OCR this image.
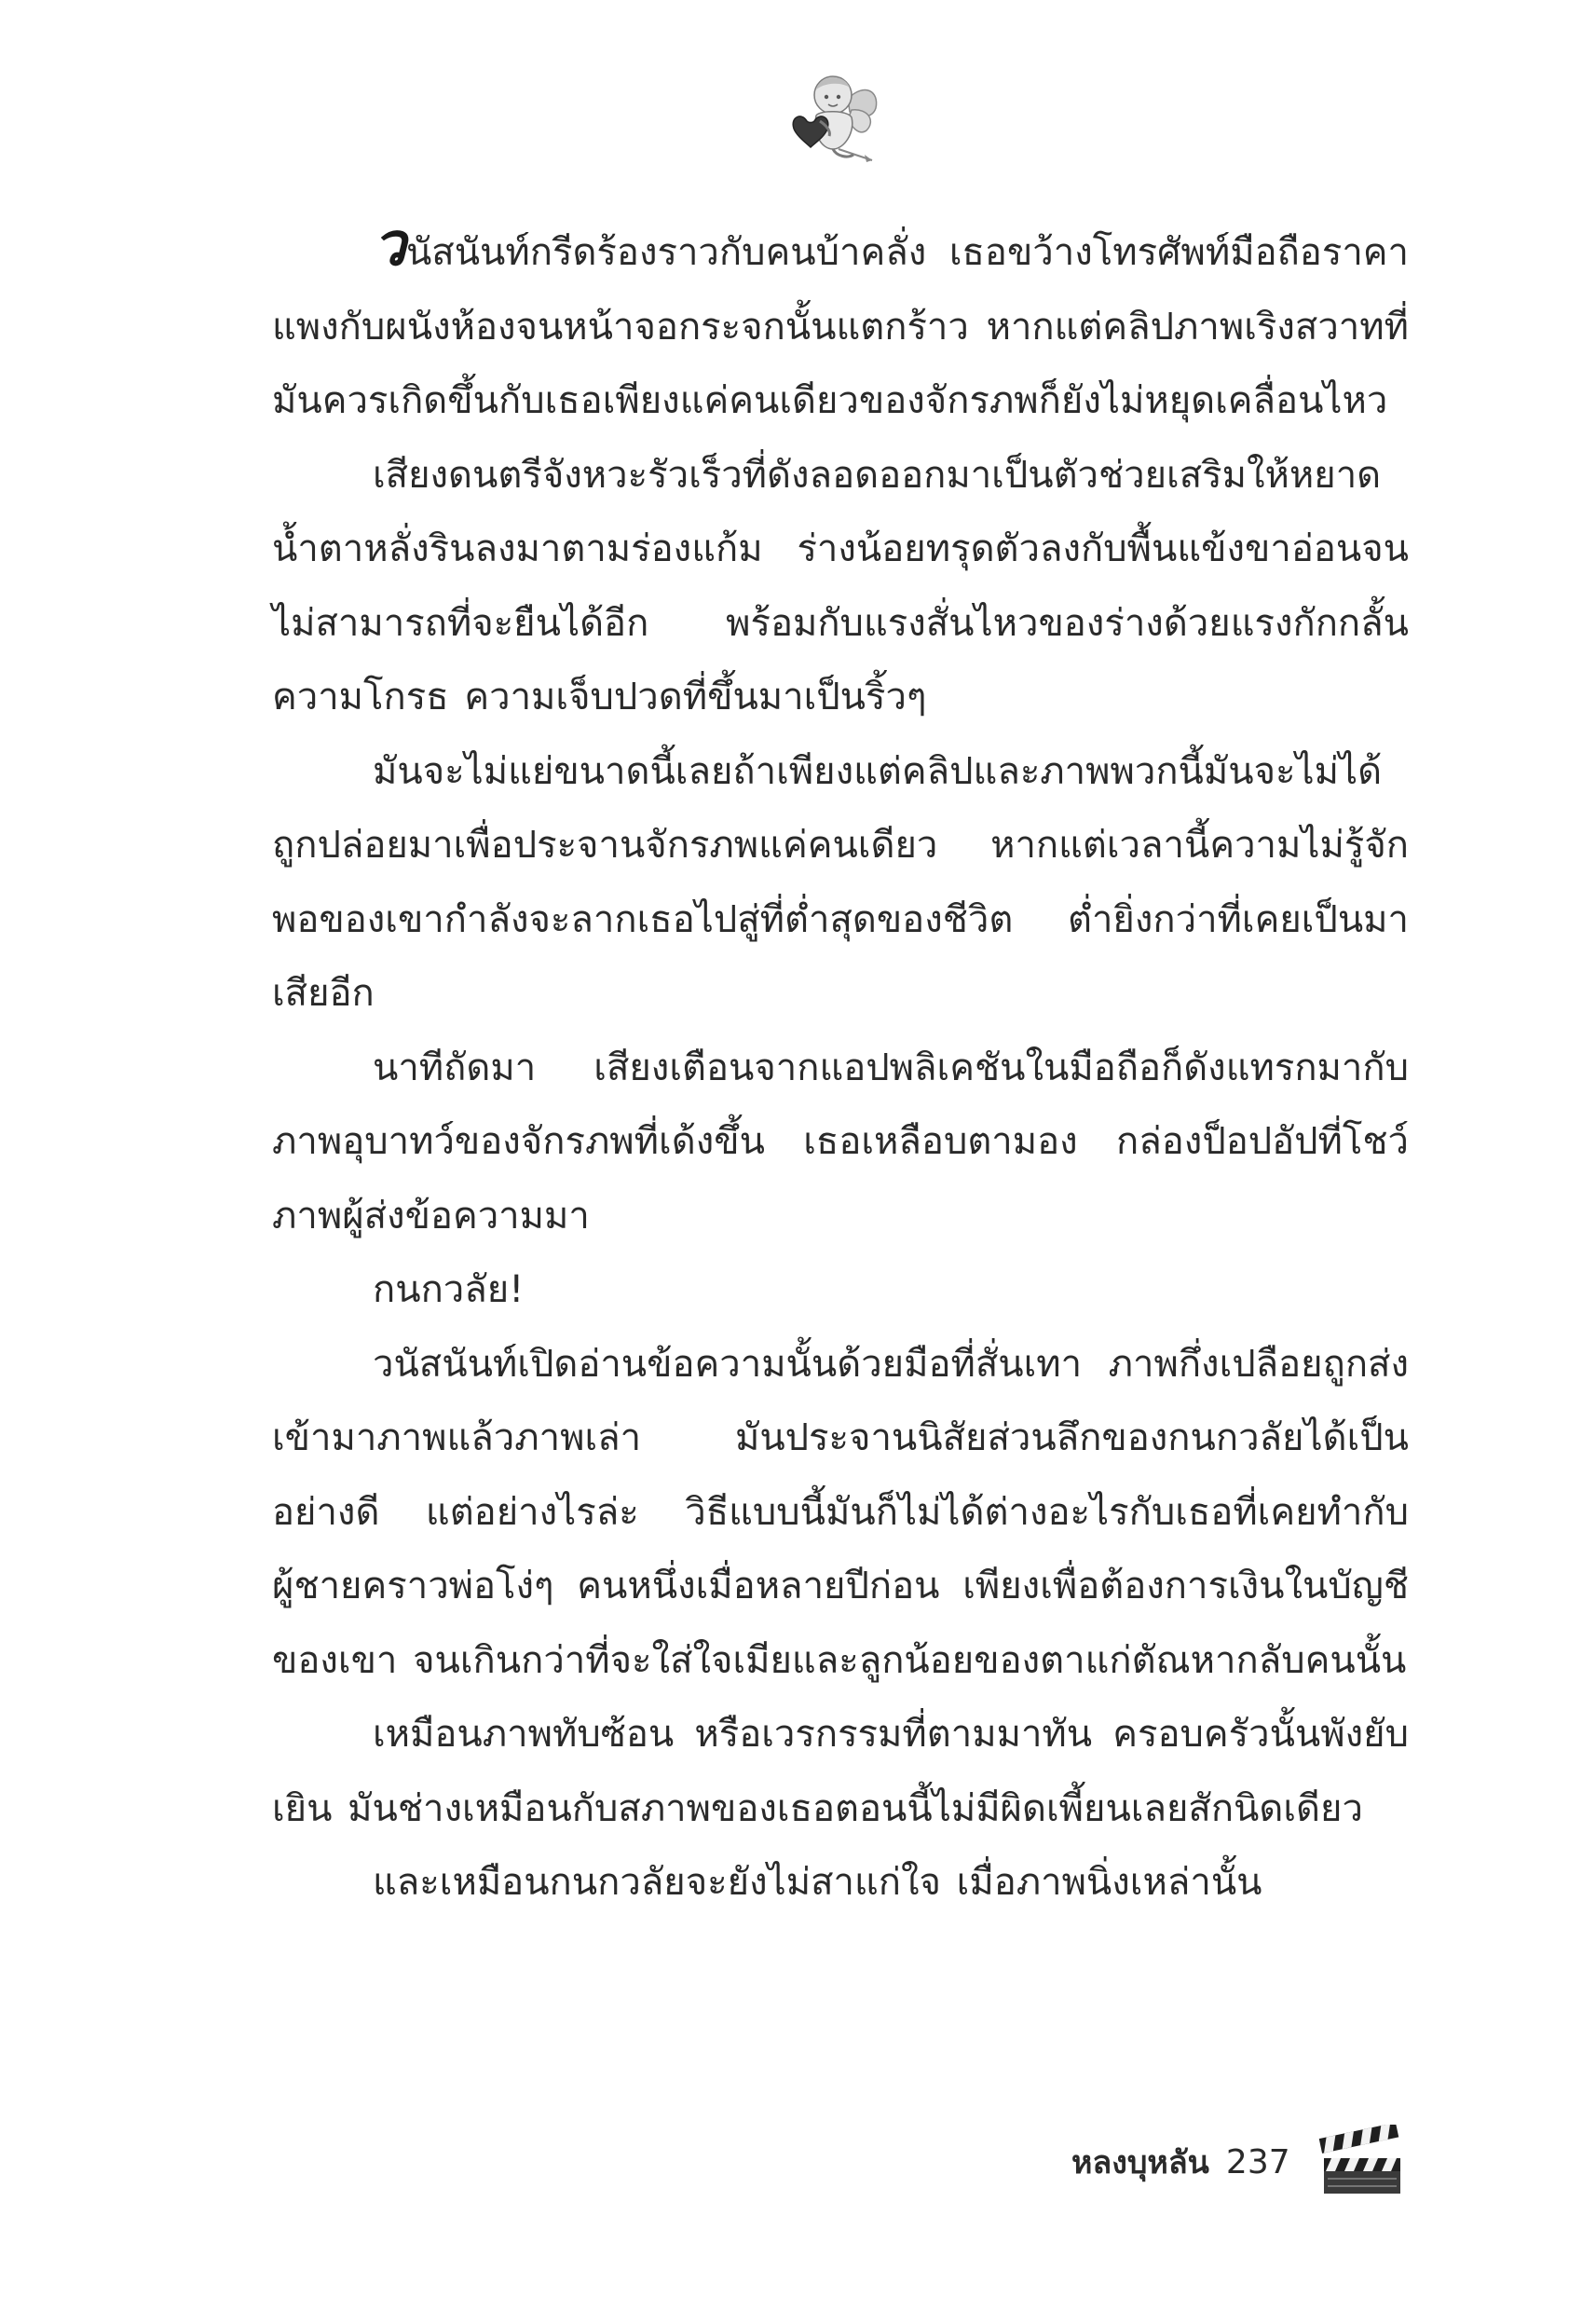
วนัสนันท์กรีดร้องราวกับคนบ้าคลั่ง เธอขว้างโทรศัพท์มือถือราคาแพงกับผนังห้องจนหน้าจอกระจกนั้นแตกร้าว หากแต่คลิปภาพเริงสวาทที่มันควรเกิดขึ้นกับเธอเพียงแค่คนเดียวของจักรภพก็ยังไม่หยุดเคลื่อนไหว

เสียงดนตรีจังหวะรัวเร็วที่ดังลอดออกมาเป็นตัวช่วยเสริมให้หยาดน้ำตาหลั่งรินลงมาตามร่องแก้ม ร่างน้อยทรุดตัวลงกับพื้นแข้งขาอ่อนจนไม่สามารถที่จะยืนได้อีก พร้อมกับแรงสั่นไหวของร่างด้วยแรงกักกลั้นความโกรธ ความเจ็บปวดที่ขึ้นมาเป็นริ้วๆ

มันจะไม่แย่ขนาดนี้เลยถ้าเพียงแต่คลิปและภาพพวกนี้มันจะไม่ได้ถูกปล่อยมาเพื่อประจานจักรภพแค่คนเดียว หากแต่เวลานี้ความไม่รู้จักพอของเขากำลังจะลากเธอไปสู่ที่ต่ำสุดของชีวิต ต่ำยิ่งกว่าที่เคยเป็นมาเสียอีก

นาทีถัดมา เสียงเตือนจากแอปพลิเคชันในมือถือก็ดังแทรกมากับภาพอุบาทว์ของจักรภพที่เด้งขึ้น เธอเหลือบตามอง กล่องป็อปอัปที่โชว์ภาพผู้ส่งข้อความมา

กนกวลัย!

วนัสนันท์เปิดอ่านข้อความนั้นด้วยมือที่สั่นเทา ภาพกึ่งเปลือยถูกส่งเข้ามาภาพแล้วภาพเล่า มันประจานนิสัยส่วนลึกของกนกวลัยได้เป็นอย่างดี แต่อย่างไรล่ะ วิธีแบบนี้มันก็ไม่ได้ต่างอะไรกับเธอที่เคยทำกับผู้ชายคราวพ่อโง่ๆ คนหนึ่งเมื่อหลายปีก่อน เพียงเพื่อต้องการเงินในบัญชีของเขา จนเกินกว่าที่จะใส่ใจเมียและลูกน้อยของตาแก่ตัณหากลับคนนั้น

เหมือนภาพทับซ้อน หรือเวรกรรมที่ตามมาทัน ครอบครัวนั้นพังยับเยิน มันช่างเหมือนกับสภาพของเธอตอนนี้ไม่มีผิดเพี้ยนเลยสักนิดเดียว

และเหมือนกนกวลัยจะยังไม่สาแก่ใจ เมื่อภาพนิ่งเหล่านั้น

หลงบุหลัน 237
